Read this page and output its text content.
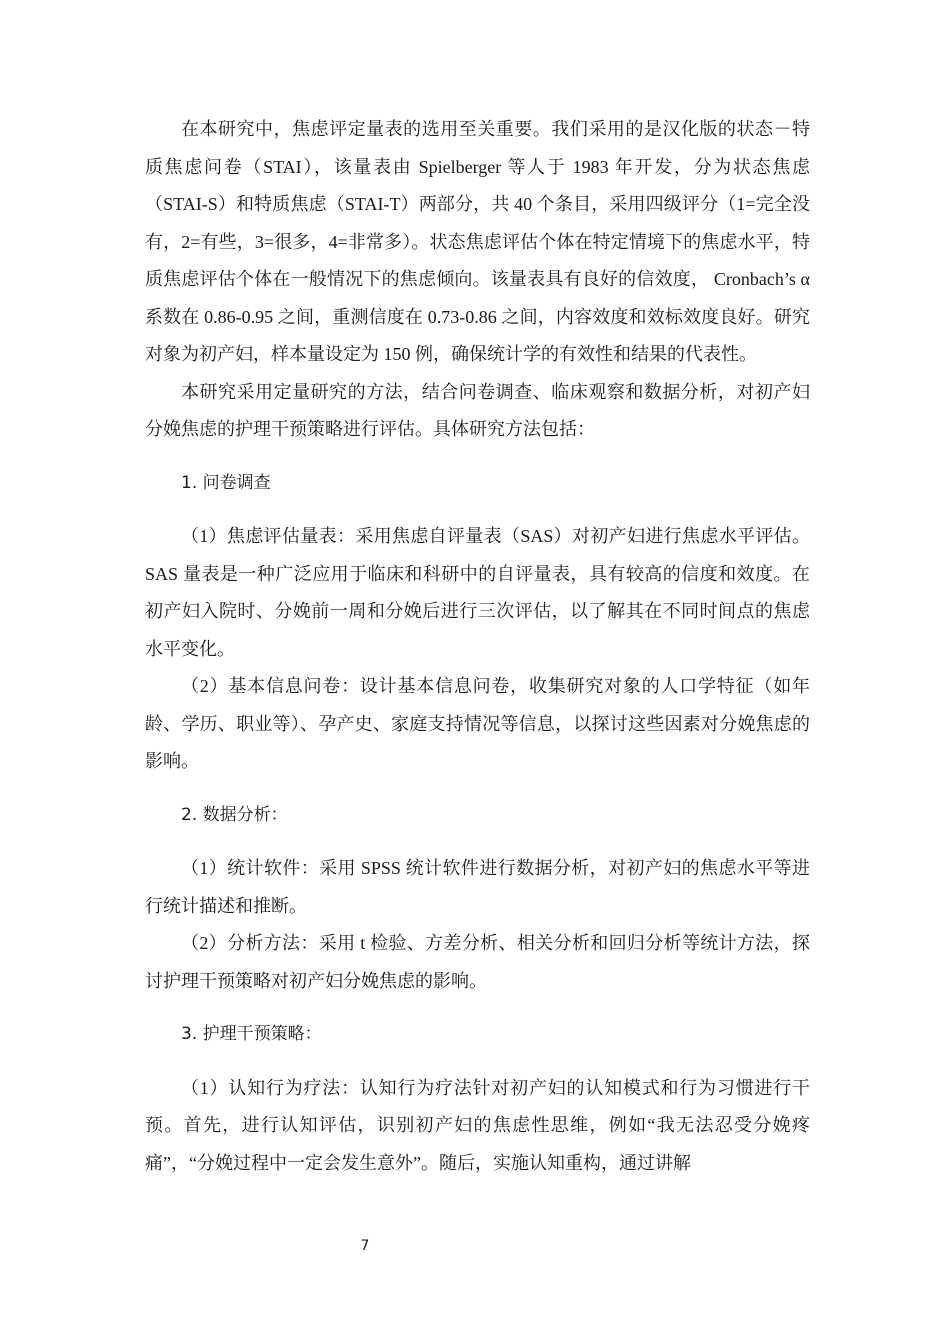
在本研究中，焦虑评定量表的选用至关重要。我们采用的是汉化版的状态－特质焦虑问卷（STAI），该量表由 Spielberger 等人于 1983 年开发，分为状态焦虑（STAI-S）和特质焦虑（STAI-T）两部分，共 40 个条目，采用四级评分（1=完全没有，2=有些，3=很多，4=非常多）。状态焦虑评估个体在特定情境下的焦虑水平，特质焦虑评估个体在一般情况下的焦虑倾向。该量表具有良好的信效度， Cronbach’s α 系数在 0.86-0.95 之间，重测信度在 0.73-0.86 之间，内容效度和效标效度良好。研究对象为初产妇，样本量设定为 150 例，确保统计学的有效性和结果的代表性。

本研究采用定量研究的方法，结合问卷调查、临床观察和数据分析，对初产妇分娩焦虑的护理干预策略进行评估。具体研究方法包括：

1. 问卷调查

（1）焦虑评估量表：采用焦虑自评量表（SAS）对初产妇进行焦虑水平评估。SAS 量表是一种广泛应用于临床和科研中的自评量表，具有较高的信度和效度。在初产妇入院时、分娩前一周和分娩后进行三次评估，以了解其在不同时间点的焦虑水平变化。

（2）基本信息问卷：设计基本信息问卷，收集研究对象的人口学特征（如年龄、学历、职业等）、孕产史、家庭支持情况等信息，以探讨这些因素对分娩焦虑的影响。

2. 数据分析：

（1）统计软件：采用 SPSS 统计软件进行数据分析，对初产妇的焦虑水平等进行统计描述和推断。

（2）分析方法：采用 t 检验、方差分析、相关分析和回归分析等统计方法，探讨护理干预策略对初产妇分娩焦虑的影响。

3. 护理干预策略：

（1）认知行为疗法：认知行为疗法针对初产妇的认知模式和行为习惯进行干预。首先，进行认知评估，识别初产妇的焦虑性思维，例如“我无法忍受分娩疼痛”，“分娩过程中一定会发生意外”。随后，实施认知重构，通过讲解

7
